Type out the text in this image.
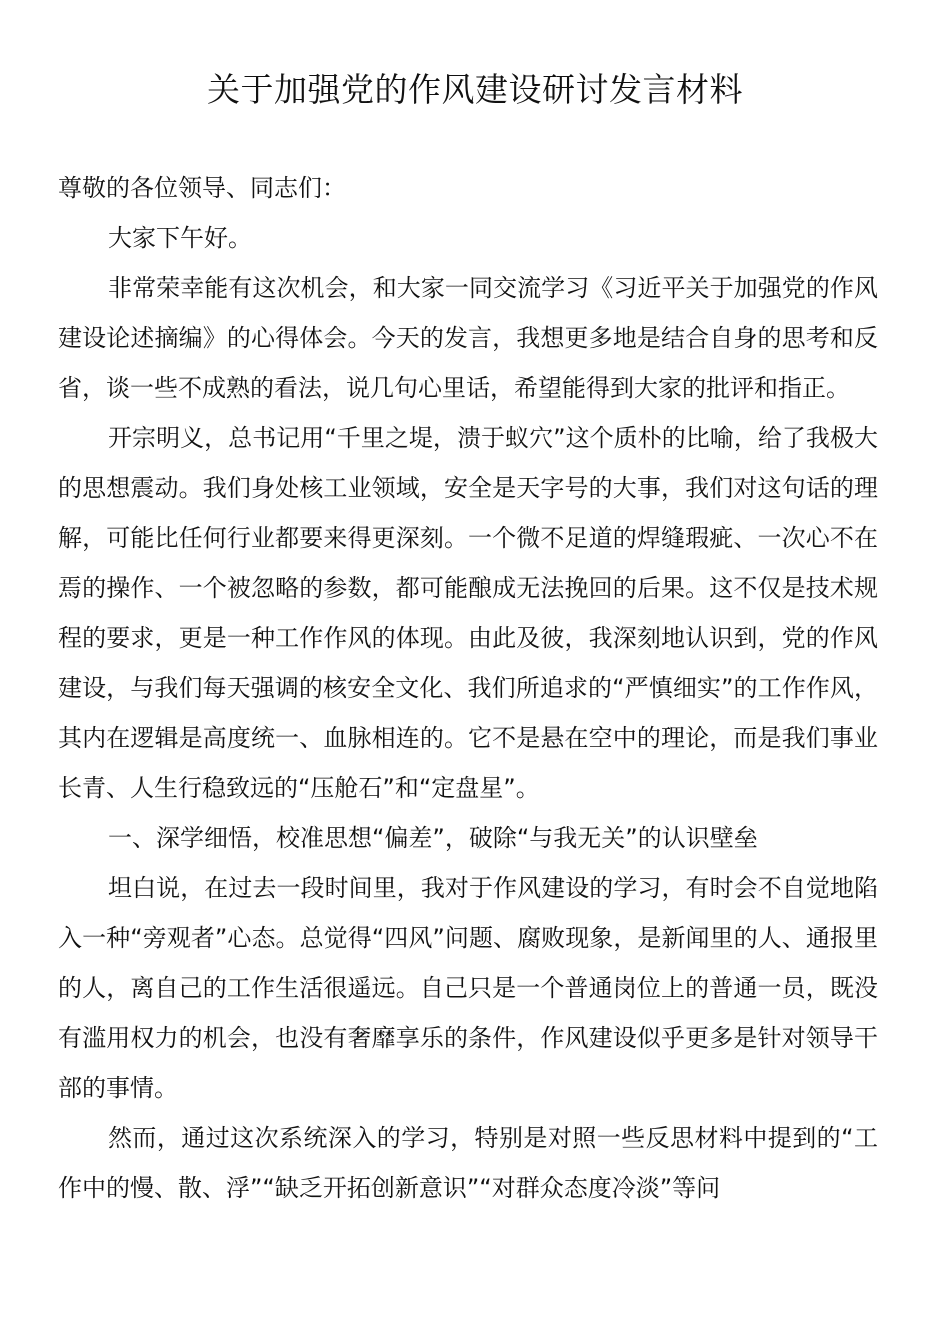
关于加强党的作风建设研讨发言材料

尊敬的各位领导、同志们：

大家下午好。

非常荣幸能有这次机会，和大家一同交流学习《习近平关于加强党的作风建设论述摘编》的心得体会。今天的发言，我想更多地是结合自身的思考和反省，谈一些不成熟的看法，说几句心里话，希望能得到大家的批评和指正。

开宗明义，总书记用“千里之堤，溃于蚁穴”这个质朴的比喻，给了我极大的思想震动。我们身处核工业领域，安全是天字号的大事，我们对这句话的理解，可能比任何行业都要来得更深刻。一个微不足道的焊缝瑕疵、一次心不在焉的操作、一个被忽略的参数，都可能酿成无法挽回的后果。这不仅是技术规程的要求，更是一种工作作风的体现。由此及彼，我深刻地认识到，党的作风建设，与我们每天强调的核安全文化、我们所追求的“严慎细实”的工作作风，其内在逻辑是高度统一、血脉相连的。它不是悬在空中的理论，而是我们事业长青、人生行稳致远的“压舱石”和“定盘星”。

一、深学细悟，校准思想“偏差”，破除“与我无关”的认识壁垒

坦白说，在过去一段时间里，我对于作风建设的学习，有时会不自觉地陷入一种“旁观者”心态。总觉得“四风”问题、腐败现象，是新闻里的人、通报里的人，离自己的工作生活很遥远。自己只是一个普通岗位上的普通一员，既没有滥用权力的机会，也没有奢靡享乐的条件，作风建设似乎更多是针对领导干部的事情。

然而，通过这次系统深入的学习，特别是对照一些反思材料中提到的“工作中的慢、散、浮”“缺乏开拓创新意识”“对群众态度冷淡”等问
